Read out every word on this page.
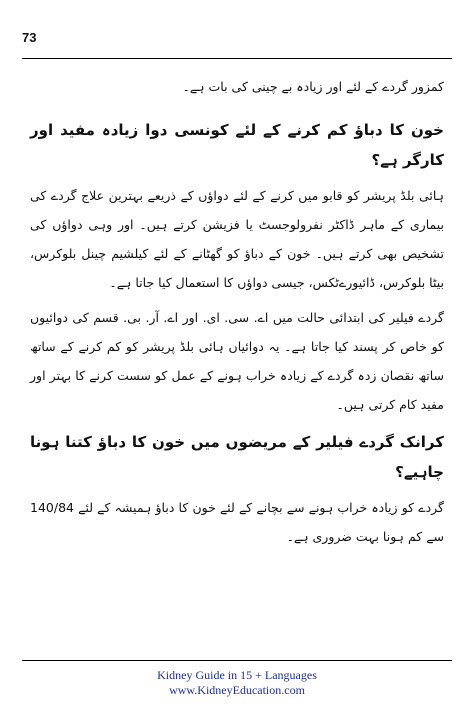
73

کمزور گردے کے لئے اور زیادہ بے چینی کی بات ہے۔

خون کا دباؤ کم کرنے کے لئے کونسی دوا زیادہ مفید اور کارگر ہے؟

ہائی بلڈ پریشر کو قابو میں کرنے کے لئے دواؤں کے ذریعے بہترین علاج گردے کی بیماری کے ماہر ڈاکٹر نفرولوجسٹ یا فزیشن کرتے ہیں۔ اور وہی دواؤں کی تشخیص بھی کرتے ہیں۔ خون کے دباؤ کو گھٹانے کے لئے کیلشیم چینل بلوکرس، بیٹا بلوکرس، ڈائیورےٹکس، جیسی دواؤں کا استعمال کیا جاتا ہے۔

گردے فیلیر کی ابتدائی حالت میں اے. سی. ای. اور اے. آر. بی. قسم کی دوائیوں کو خاص کر پسند کیا جاتا ہے۔ یہ دوائیاں ہائی بلڈ پریشر کو کم کرنے کے ساتھ ساتھ نقصان زدہ گردے کے زیادہ خراب ہونے کے عمل کو سست کرنے کا بہتر اور مفید کام کرتی ہیں۔

کرانک گردے فیلیر کے مریضوں میں خون کا دباؤ کتنا ہونا چاہیے؟

گردے کو زیادہ خراب ہونے سے بچانے کے لئے خون کا دباؤ ہمیشہ کے لئے 140/84 سے کم ہونا بہت ضروری ہے۔

Kidney Guide in 15 + Languages
www.KidneyEducation.com
